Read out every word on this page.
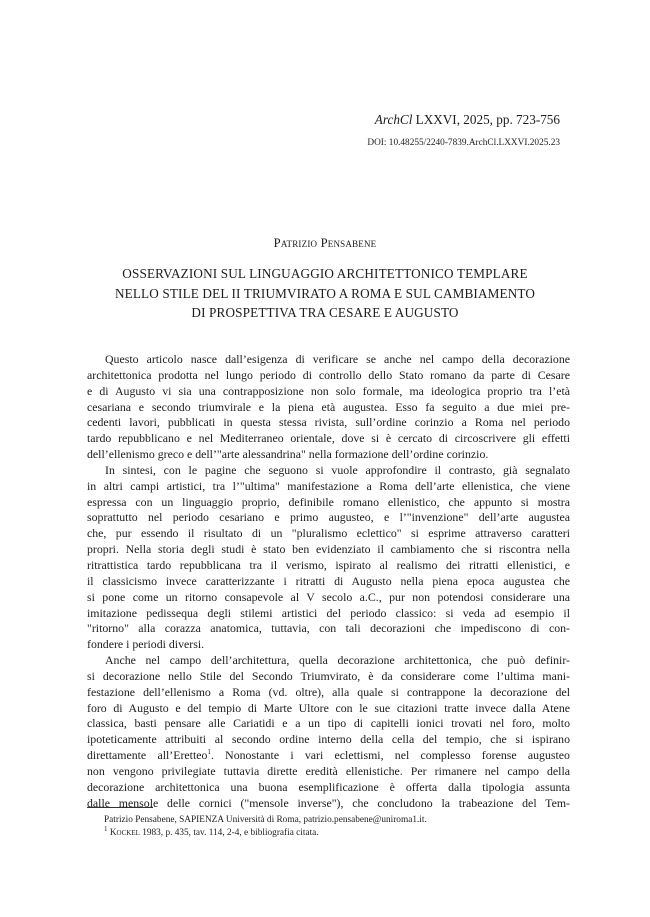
ArchCl LXXVI, 2025, pp. 723-756
DOI: 10.48255/2240-7839.ArchCl.LXXVI.2025.23
Patrizio Pensabene
OSSERVAZIONI SUL LINGUAGGIO ARCHITETTONICO TEMPLARE
NELLO STILE DEL II TRIUMVIRATO A ROMA E SUL CAMBIAMENTO
DI PROSPETTIVA TRA CESARE E AUGUSTO

Questo articolo nasce dall’esigenza di verificare se anche nel campo della decorazione
architettonica prodotta nel lungo periodo di controllo dello Stato romano da parte di Cesare
e di Augusto vi sia una contrapposizione non solo formale, ma ideologica proprio tra l’età
cesariana e secondo triumvirale e la piena età augustea. Esso fa seguito a due miei pre-
cedenti lavori, pubblicati in questa stessa rivista, sull’ordine corinzio a Roma nel periodo
tardo repubblicano e nel Mediterraneo orientale, dove si è cercato di circoscrivere gli effetti
dell’ellenismo greco e dell’"arte alessandrina" nella formazione dell’ordine corinzio.

In sintesi, con le pagine che seguono si vuole approfondire il contrasto, già segnalato
in altri campi artistici, tra l’"ultima" manifestazione a Roma dell’arte ellenistica, che viene
espressa con un linguaggio proprio, definibile romano ellenistico, che appunto si mostra
soprattutto nel periodo cesariano e primo augusteo, e l’"invenzione" dell’arte augustea
che, pur essendo il risultato di un "pluralismo eclettico" si esprime attraverso caratteri
propri. Nella storia degli studi è stato ben evidenziato il cambiamento che si riscontra nella
ritrattistica tardo repubblicana tra il verismo, ispirato al realismo dei ritratti ellenistici, e
il classicismo invece caratterizzante i ritratti di Augusto nella piena epoca augustea che
si pone come un ritorno consapevole al V secolo a.C., pur non potendosi considerare una
imitazione pedissequa degli stilemi artistici del periodo classico: si veda ad esempio il
"ritorno" alla corazza anatomica, tuttavia, con tali decorazioni che impediscono di con-
fondere i periodi diversi.

Anche nel campo dell’architettura, quella decorazione architettonica, che può definir-
si decorazione nello Stile del Secondo Triumvirato, è da considerare come l’ultima mani-
festazione dell’ellenismo a Roma (vd. oltre), alla quale si contrappone la decorazione del
foro di Augusto e del tempio di Marte Ultore con le sue citazioni tratte invece dalla Atene
classica, basti pensare alle Cariatidi e a un tipo di capitelli ionici trovati nel foro, molto
ipoteticamente attribuiti al secondo ordine interno della cella del tempio, che si ispirano
direttamente all’Eretteo$^1$. Nonostante i vari eclettismi, nel complesso forense augusteo
non vengono privilegiate tuttavia dirette eredità ellenistiche. Per rimanere nel campo della
decorazione architettonica una buona esemplificazione è offerta dalla tipologia assunta
dalle mensole delle cornici ("mensole inverse"), che concludono la trabeazione del Tem-

Patrizio Pensabene, SAPIENZA Università di Roma, patrizio.pensabene@uniroma1.it.
$^1$ Kockel 1983, p. 435, tav. 114, 2-4, e bibliografia citata.
